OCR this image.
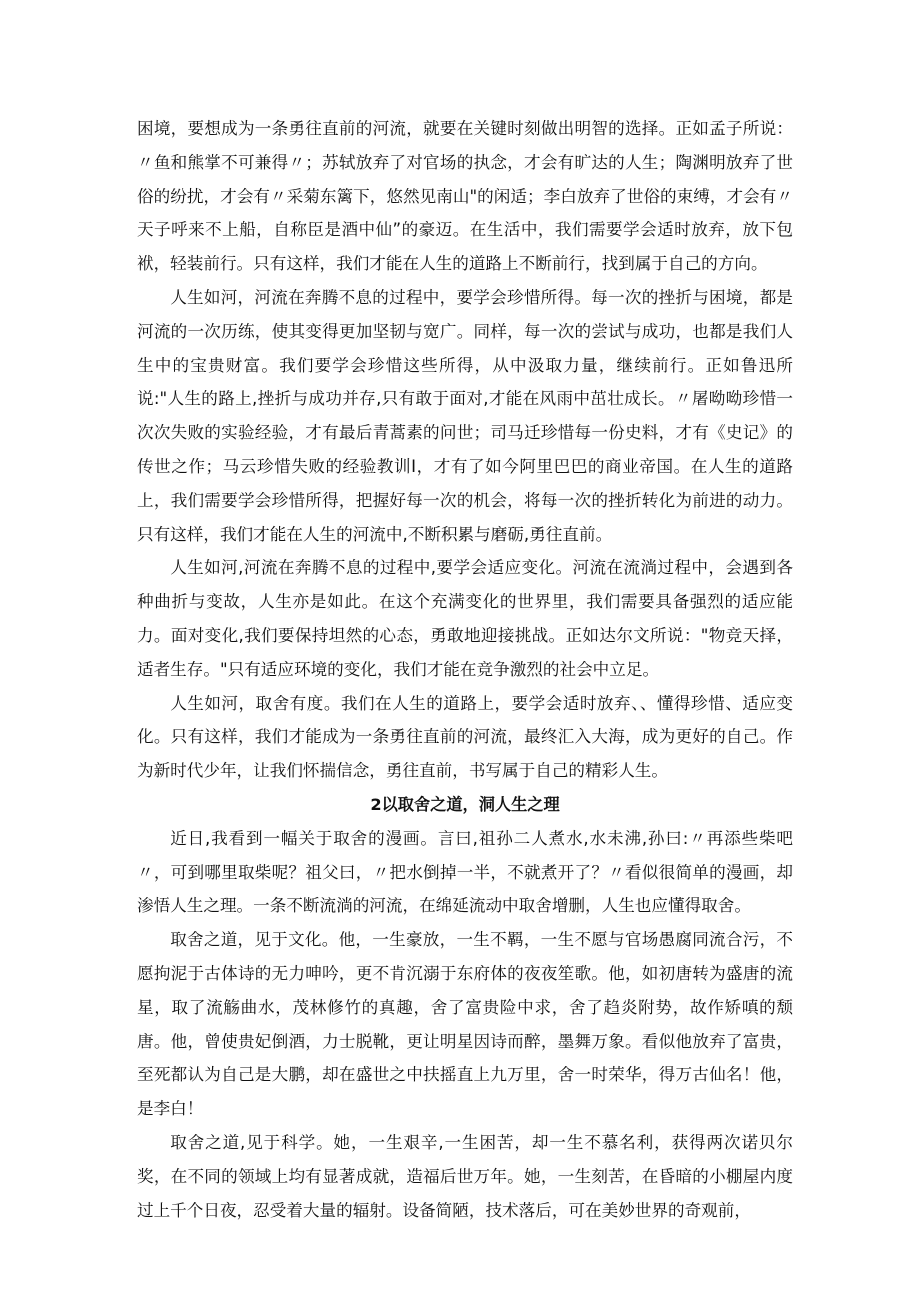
困境，要想成为一条勇往直前的河流，就要在关键时刻做出明智的选择。正如孟子所说：〃鱼和熊掌不可兼得〃；苏轼放弃了对官场的执念，才会有旷达的人生；陶渊明放弃了世俗的纷扰，才会有〃采菊东篱下，悠然见南山"的闲适；李白放弃了世俗的束缚，才会有〃天子呼来不上船，自称臣是酒中仙”的豪迈。在生活中，我们需要学会适时放弃，放下包袱，轻装前行。只有这样，我们才能在人生的道路上不断前行，找到属于自己的方向。

人生如河，河流在奔腾不息的过程中，要学会珍惜所得。每一次的挫折与困境，都是河流的一次历练，使其变得更加坚韧与宽广。同样，每一次的尝试与成功，也都是我们人生中的宝贵财富。我们要学会珍惜这些所得，从中汲取力量，继续前行。正如鲁迅所说:"人生的路上,挫折与成功并存,只有敢于面对,才能在风雨中茁壮成长。〃屠呦呦珍惜一次次失败的实验经验，才有最后青蒿素的问世；司马迁珍惜每一份史料，才有《史记》的传世之作；马云珍惜失败的经验教训Ⅰ，才有了如今阿里巴巴的商业帝国。在人生的道路上，我们需要学会珍惜所得，把握好每一次的机会，将每一次的挫折转化为前进的动力。只有这样，我们才能在人生的河流中,不断积累与磨砺,勇往直前。

人生如河,河流在奔腾不息的过程中,要学会适应变化。河流在流淌过程中，会遇到各种曲折与变故，人生亦是如此。在这个充满变化的世界里，我们需要具备强烈的适应能力。面对变化,我们要保持坦然的心态，勇敢地迎接挑战。正如达尔文所说："物竞天择，适者生存。"只有适应环境的变化，我们才能在竞争激烈的社会中立足。

人生如河，取舍有度。我们在人生的道路上，要学会适时放弃、、懂得珍惜、适应变化。只有这样，我们才能成为一条勇往直前的河流，最终汇入大海，成为更好的自己。作为新时代少年，让我们怀揣信念，勇往直前，书写属于自己的精彩人生。

2以取舍之道，洞人生之理

近日,我看到一幅关于取舍的漫画。言曰,祖孙二人煮水,水未沸,孙曰:〃再添些柴吧〃，可到哪里取柴呢？祖父曰，〃把水倒掉一半，不就煮开了？〃看似很简单的漫画，却渗悟人生之理。一条不断流淌的河流，在绵延流动中取舍增删，人生也应懂得取舍。

取舍之道，见于文化。他，一生豪放，一生不羁，一生不愿与官场愚腐同流合污，不愿拘泥于古体诗的无力呻吟，更不肯沉溺于东府体的夜夜笙歌。他，如初唐转为盛唐的流星，取了流觞曲水，茂林修竹的真趣，舍了富贵险中求，舍了趋炎附势，故作矫嗔的颓唐。他，曾使贵妃倒酒，力士脱靴，更让明星因诗而醉，墨舞万象。看似他放弃了富贵，至死都认为自己是大鹏，却在盛世之中扶摇直上九万里，舍一时荣华，得万古仙名！他，是李白！

取舍之道,见于科学。她，一生艰辛,一生困苦，却一生不慕名利，获得两次诺贝尔奖，在不同的领域上均有显著成就，造福后世万年。她，一生刻苦，在昏暗的小棚屋内度过上千个日夜，忍受着大量的辐射。设备简陋，技术落后，可在美妙世界的奇观前，
